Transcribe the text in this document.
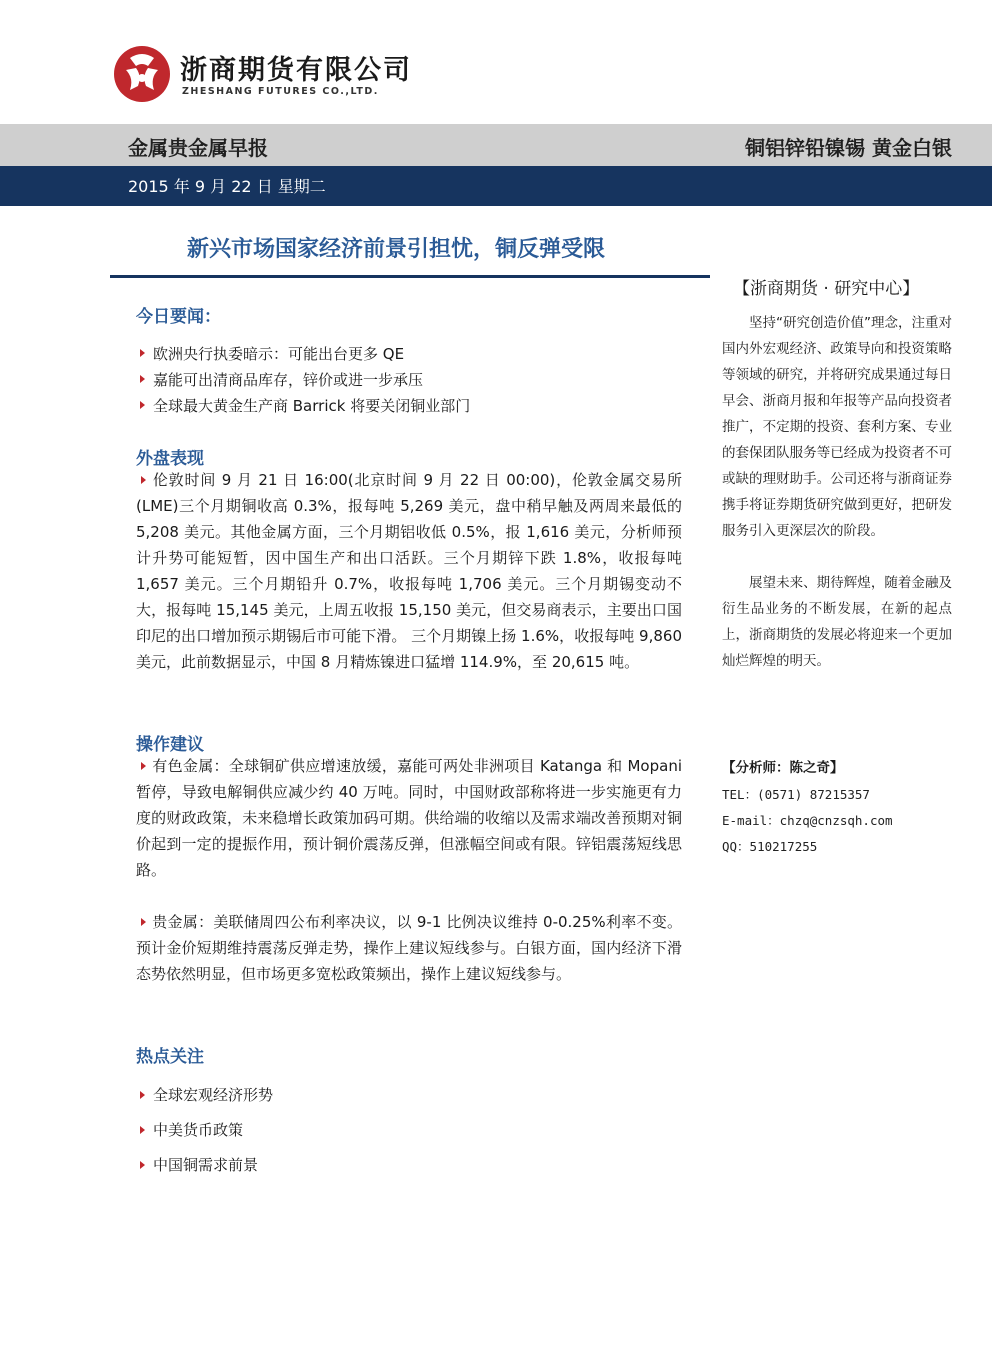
浙商期货有限公司
ZHESHANG FUTURES CO.,LTD.
金属贵金属早报	铜铝锌铅镍锡 黄金白银
2015 年 9 月 22 日 星期二
新兴市场国家经济前景引担忧，铜反弹受限
今日要闻：
欧洲央行执委暗示：可能出台更多 QE
嘉能可出清商品库存，锌价或进一步承压
全球最大黄金生产商 Barrick 将要关闭铜业部门
外盘表现

伦敦时间 9 月 21 日 16:00(北京时间 9 月 22 日 00:00)，伦敦金属交易所(LME)三个月期铜收高 0.3%，报每吨 5,269 美元，盘中稍早触及两周来最低的 5,208 美元。其他金属方面，三个月期铝收低 0.5%，报 1,616 美元，分析师预计升势可能短暂，因中国生产和出口活跃。三个月期锌下跌 1.8%，收报每吨 1,657 美元。三个月期铅升 0.7%，收报每吨 1,706 美元。三个月期锡变动不大，报每吨 15,145 美元，上周五收报 15,150 美元，但交易商表示，主要出口国印尼的出口增加预示期锡后市可能下滑。 三个月期镍上扬 1.6%，收报每吨 9,860 美元，此前数据显示，中国 8 月精炼镍进口猛增 114.9%，至 20,615 吨。

操作建议

有色金属：全球铜矿供应增速放缓，嘉能可两处非洲项目 Katanga 和 Mopani 暂停，导致电解铜供应减少约 40 万吨。同时，中国财政部称将进一步实施更有力度的财政政策，未来稳增长政策加码可期。供给端的收缩以及需求端改善预期对铜价起到一定的提振作用，预计铜价震荡反弹，但涨幅空间或有限。锌铝震荡短线思路。

贵金属：美联储周四公布利率决议，以 9-1 比例决议维持 0-0.25%利率不变。预计金价短期维持震荡反弹走势，操作上建议短线参与。白银方面，国内经济下滑态势依然明显，但市场更多宽松政策频出，操作上建议短线参与。

热点关注
全球宏观经济形势
中美货币政策
中国铜需求前景
【浙商期货 · 研究中心】

坚持“研究创造价值”理念，注重对国内外宏观经济、政策导向和投资策略等领域的研究，并将研究成果通过每日早会、浙商月报和年报等产品向投资者推广，不定期的投资、套利方案、专业的套保团队服务等已经成为投资者不可或缺的理财助手。公司还将与浙商证券携手将证券期货研究做到更好，把研发服务引入更深层次的阶段。

展望未来、期待辉煌，随着金融及衍生品业务的不断发展，在新的起点上，浙商期货的发展必将迎来一个更加灿烂辉煌的明天。

【分析师：陈之奇】
TEL：(0571) 87215357
E-mail：chzq@cnzsqh.com
QQ：510217255
